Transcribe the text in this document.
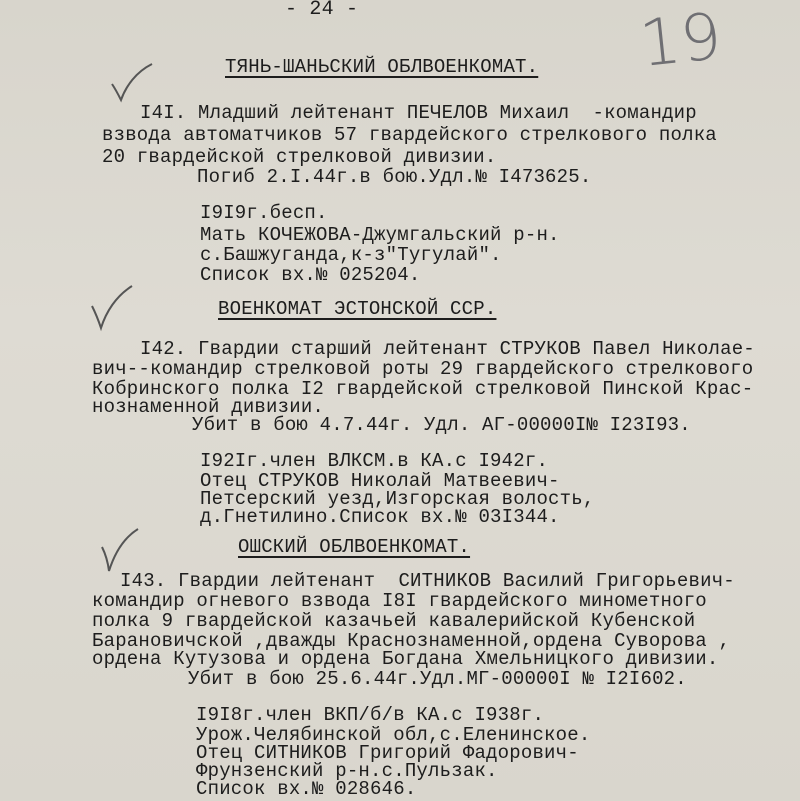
- 24 -	19
ТЯНЬ-ШАНЬСКИЙ ОБЛВОЕНКОМАТ.
I4I. Младший лейтенант ПЕЧЕЛОВ Михаил  -командир
взвода автоматчиков 57 гвардейского стрелкового полка
20 гвардейской стрелковой дивизии.
Погиб 2.I.44г.в бою.Удл.№ I473625.
I9I9г.бесп.
Мать КОЧЕЖОВА-Джумгальский р-н.
с.Башжуганда,к-з"Тугулай".
Список вх.№ 025204.
ВОЕНКОМАТ ЭСТОНСКОЙ ССР.
I42. Гвардии старший лейтенант СТРУКОВ Павел Николае-
вич--командир стрелковой роты 29 гвардейского стрелкового
Кобринского полка I2 гвардейской стрелковой Пинской Крас-
нознаменной дивизии.
Убит в бою 4.7.44г. Удл. АГ-00000I№ I23I93.
I92Iг.член ВЛКСМ.в КА.с I942г.
Отец СТРУКОВ Николай Матвеевич-
Петсерский уезд,Изгорская волость,
д.Гнетилино.Список вх.№ 03I344.
ОШСКИЙ ОБЛВОЕНКОМАТ.
I43. Гвардии лейтенант  СИТНИКОВ Василий Григорьевич-
командир огневого взвода I8I гвардейского минометного
полка 9 гвардейской казачьей кавалерийской Кубенской
Барановичской ,дважды Краснознаменной,ордена Суворова ,
ордена Кутузова и ордена Богдана Хмельницкого дивизии.
Убит в бою 25.6.44г.Удл.МГ-00000I № I2I602.
I9I8г.член ВКП/б/в КА.с I938г.
Урож.Челябинской обл,с.Еленинское.
Отец СИТНИКОВ Григорий Фадорович-
Фрунзенский р-н.с.Пульзак.
Список вх.№ 028646.
